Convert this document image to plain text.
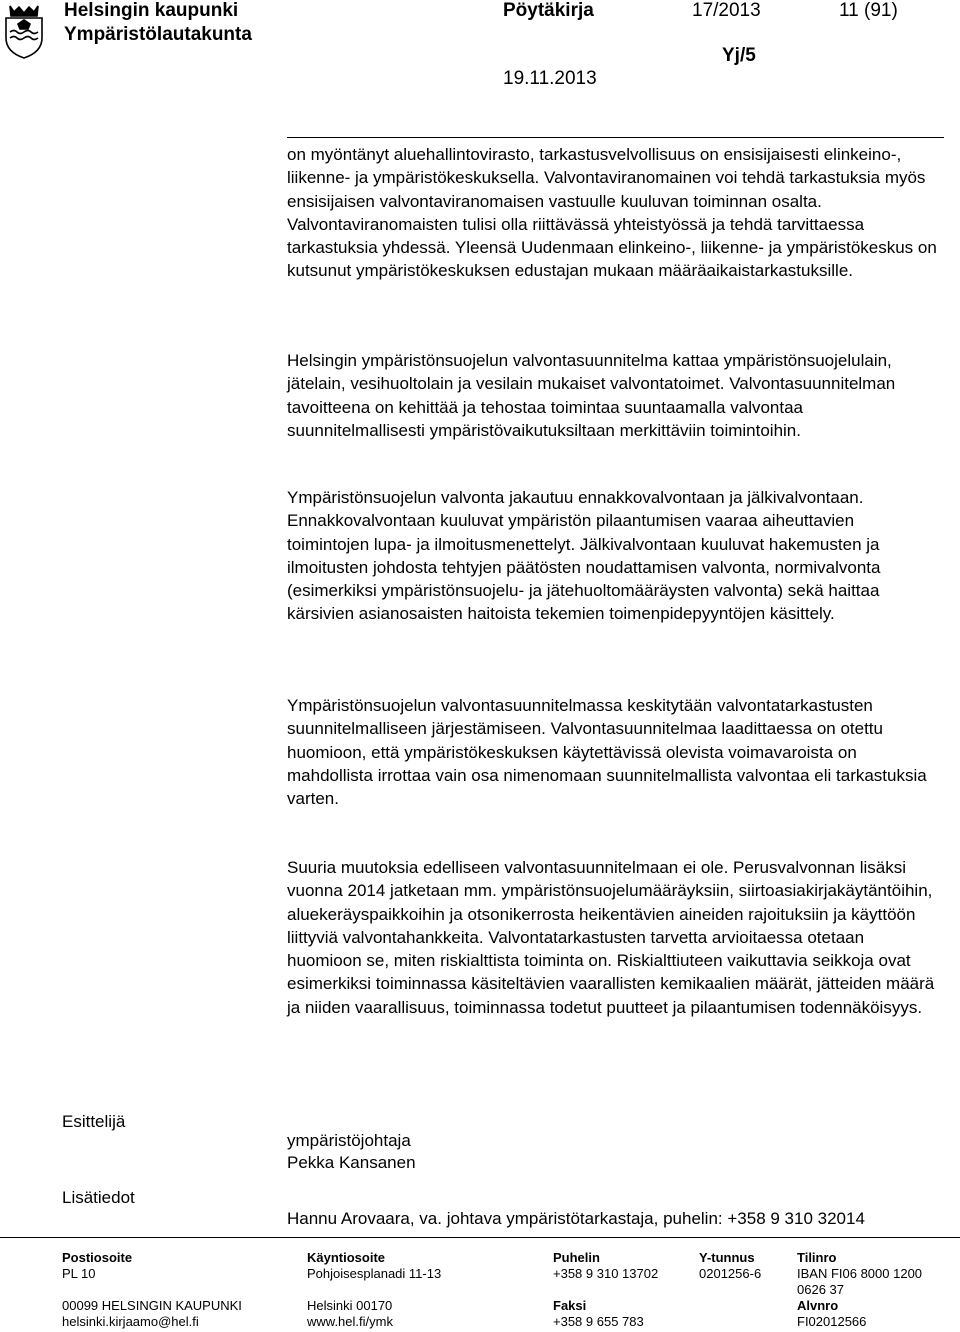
Helsingin kaupunki
Ympäristölautakunta
Pöytäkirja	17/2013	11 (91)
Yj/5
19.11.2013

on myöntänyt aluehallintovirasto, tarkastusvelvollisuus on ensisijaisesti elinkeino-, liikenne- ja ympäristökeskuksella. Valvontaviranomainen voi tehdä tarkastuksia myös ensisijaisen valvontaviranomaisen vastuulle kuuluvan toiminnan osalta. Valvontaviranomaisten tulisi olla riittävässä yhteistyössä ja tehdä tarvittaessa tarkastuksia yhdessä. Yleensä Uudenmaan elinkeino-, liikenne- ja ympäristökeskus on kutsunut ympäristökeskuksen edustajan mukaan määräaikaistarkastuksille.

Helsingin ympäristönsuojelun valvontasuunnitelma kattaa ympäristönsuojelulain, jätelain, vesihuoltolain ja vesilain mukaiset valvontatoimet. Valvontasuunnitelman tavoitteena on kehittää ja tehostaa toimintaa suuntaamalla valvontaa suunnitelmallisesti ympäristövaikutuksiltaan merkittäviin toimintoihin.

Ympäristönsuojelun valvonta jakautuu ennakkovalvontaan ja jälkivalvontaan. Ennakkovalvontaan kuuluvat ympäristön pilaantumisen vaaraa aiheuttavien toimintojen lupa- ja ilmoitusmenettelyt. Jälkivalvontaan kuuluvat hakemusten ja ilmoitusten johdosta tehtyjen päätösten noudattamisen valvonta, normivalvonta (esimerkiksi ympäristönsuojelu- ja jätehuoltomääräysten valvonta) sekä haittaa kärsivien asianosaisten haitoista tekemien toimenpidepyyntöjen käsittely.

Ympäristönsuojelun valvontasuunnitelmassa keskitytään valvontatarkastusten suunnitelmalliseen järjestämiseen. Valvontasuunnitelmaa laadittaessa on otettu huomioon, että ympäristökeskuksen käytettävissä olevista voimavaroista on mahdollista irrottaa vain osa nimenomaan suunnitelmallista valvontaa eli tarkastuksia varten.

Suuria muutoksia edelliseen valvontasuunnitelmaan ei ole. Perusvalvonnan lisäksi vuonna 2014 jatketaan mm. ympäristönsuojelumääräyksiin, siirtoasiakirjakäytäntöihin, aluekeräyspaikkoihin ja otsonikerrosta heikentävien aineiden rajoituksiin ja käyttöön liittyviä valvontahankkeita. Valvontatarkastusten tarvetta arvioitaessa otetaan huomioon se, miten riskialttista toiminta on. Riskialttiuteen vaikuttavia seikkoja ovat esimerkiksi toiminnassa käsiteltävien vaarallisten kemikaalien määrät, jätteiden määrä ja niiden vaarallisuus, toiminnassa todetut puutteet ja pilaantumisen todennäköisyys.

Esittelijä
ympäristöjohtaja
Pekka Kansanen
Lisätiedot
Hannu Arovaara, va. johtava ympäristötarkastaja, puhelin: +358 9 310 32014
Postiosoite
PL 10

00099 HELSINGIN KAUPUNKI
helsinki.kirjaamo@hel.fi
Käyntiosoite
Pohjoisesplanadi 11-13

Helsinki 00170
www.hel.fi/ymk
Puhelin
+358 9 310 13702

Faksi
+358 9 655 783
Y-tunnus
0201256-6
Tilinro
IBAN FI06 8000 1200
0626 37
Alvnro
FI02012566
